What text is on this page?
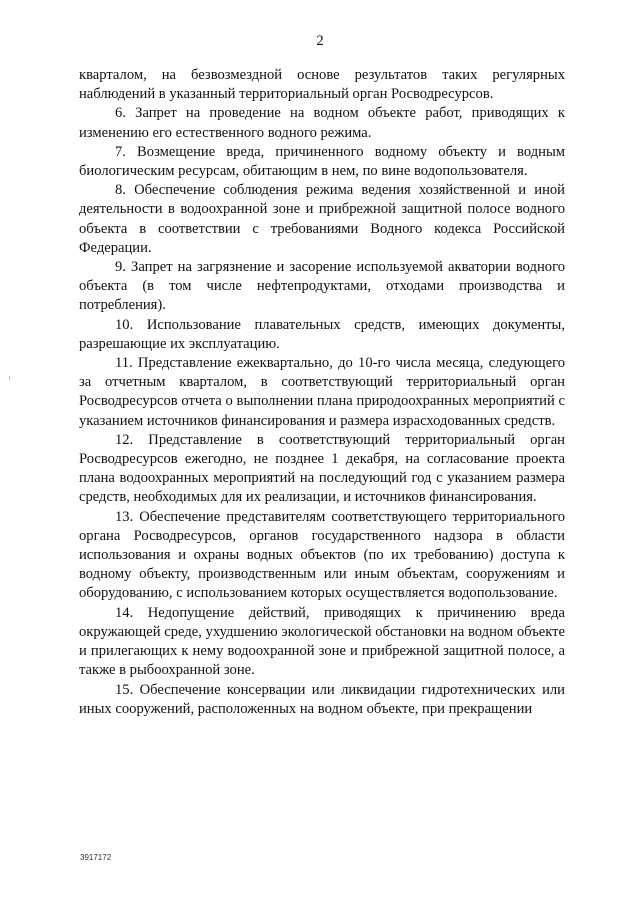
2

кварталом, на безвозмездной основе результатов таких регулярных наблюдений в указанный территориальный орган Росводресурсов.

6. Запрет на проведение на водном объекте работ, приводящих к изменению его естественного водного режима.

7. Возмещение вреда, причиненного водному объекту и водным биологическим ресурсам, обитающим в нем, по вине водопользователя.

8. Обеспечение соблюдения режима ведения хозяйственной и иной деятельности в водоохранной зоне и прибрежной защитной полосе водного объекта в соответствии с требованиями Водного кодекса Российской Федерации.

9. Запрет на загрязнение и засорение используемой акватории водного объекта (в том числе нефтепродуктами, отходами производства и потребления).

10. Использование плавательных средств, имеющих документы, разрешающие их эксплуатацию.

11. Представление ежеквартально, до 10-го числа месяца, следующего за отчетным кварталом, в соответствующий территориальный орган Росводресурсов отчета о выполнении плана природоохранных мероприятий с указанием источников финансирования и размера израсходованных средств.

12. Представление в соответствующий территориальный орган Росводресурсов ежегодно, не позднее 1 декабря, на согласование проекта плана водоохранных мероприятий на последующий год с указанием размера средств, необходимых для их реализации, и источников финансирования.

13. Обеспечение представителям соответствующего территориального органа Росводресурсов, органов государственного надзора в области использования и охраны водных объектов (по их требованию) доступа к водному объекту, производственным или иным объектам, сооружениям и оборудованию, с использованием которых осуществляется водопользование.

14. Недопущение действий, приводящих к причинению вреда окружающей среде, ухудшению экологической обстановки на водном объекте и прилегающих к нему водоохранной зоне и прибрежной защитной полосе, а также в рыбоохранной зоне.

15. Обеспечение консервации или ликвидации гидротехнических или иных сооружений, расположенных на водном объекте, при прекращении

3917172
